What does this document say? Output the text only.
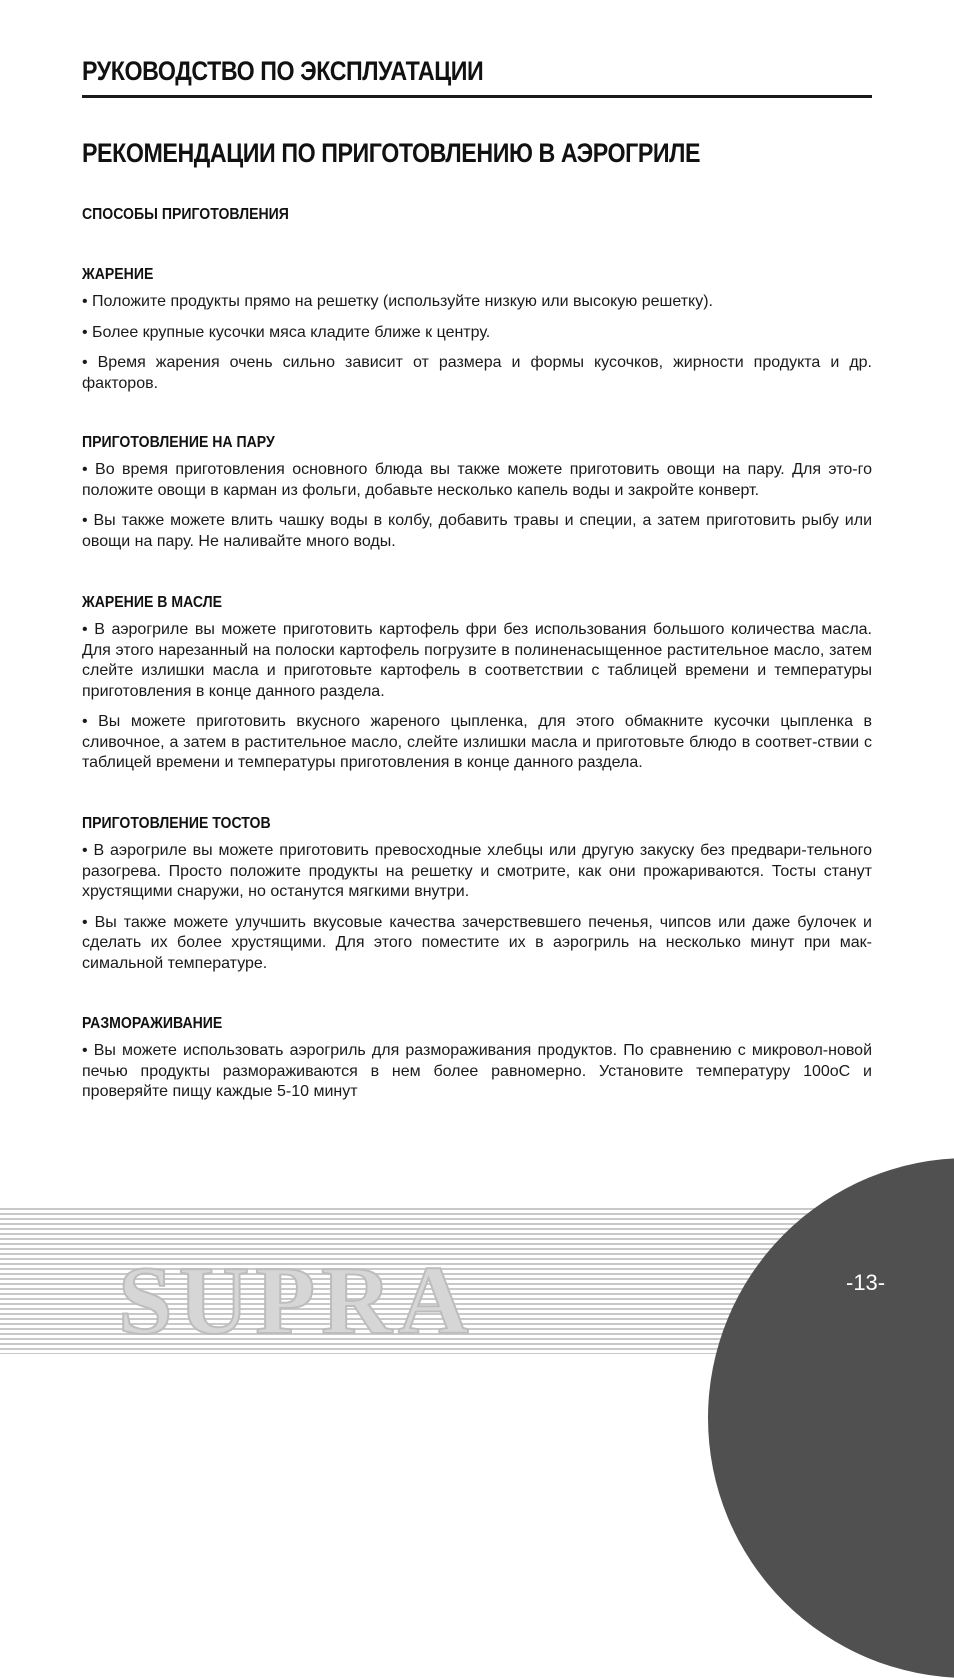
РУКОВОДСТВО ПО ЭКСПЛУАТАЦИИ
РЕКОМЕНДАЦИИ ПО ПРИГОТОВЛЕНИЮ В АЭРОГРИЛЕ
СПОСОБЫ ПРИГОТОВЛЕНИЯ
ЖАРЕНИЕ

• Положите продукты прямо на решетку (используйте низкую или высокую решетку).

• Более крупные кусочки мяса кладите ближе к центру.

• Время жарения очень сильно зависит от размера и формы кусочков, жирности продукта и др. факторов.

ПРИГОТОВЛЕНИЕ НА ПАРУ

• Во время приготовления основного блюда вы также можете приготовить овощи на пару. Для это-го положите овощи в карман из фольги, добавьте несколько капель воды и закройте конверт.

• Вы также можете влить чашку воды в колбу, добавить травы и специи, а затем приготовить рыбу или овощи на пару. Не наливайте много воды.

ЖАРЕНИЕ В МАСЛЕ

• В аэрогриле вы можете приготовить картофель фри без использования большого количества масла. Для этого нарезанный на полоски картофель погрузите в полиненасыщенное растительное масло, затем слейте излишки масла и приготовьте картофель в соответствии с таблицей времени и температуры приготовления в конце данного раздела.

• Вы можете приготовить вкусного жареного цыпленка, для этого обмакните кусочки цыпленка в сливочное, а затем в растительное масло, слейте излишки масла и приготовьте блюдо в соответ-ствии с таблицей времени и температуры приготовления в конце данного раздела.

ПРИГОТОВЛЕНИЕ ТОСТОВ

• В аэрогриле вы можете приготовить превосходные хлебцы или другую закуску без предвари-тельного разогрева. Просто положите продукты на решетку и смотрите, как они прожариваются. Тосты станут хрустящими снаружи, но останутся мягкими внутри.

• Вы также можете улучшить вкусовые качества зачерствевшего печенья, чипсов или даже булочек и сделать их более хрустящими. Для этого поместите их в аэрогриль на несколько минут при мак-симальной температуре.

РАЗМОРАЖИВАНИЕ

• Вы можете использовать аэрогриль для размораживания продуктов. По сравнению с микровол-новой печью продукты размораживаются в нем более равномерно. Установите температуру 100оС и проверяйте пищу каждые 5-10 минут

SUPRA	-13-
